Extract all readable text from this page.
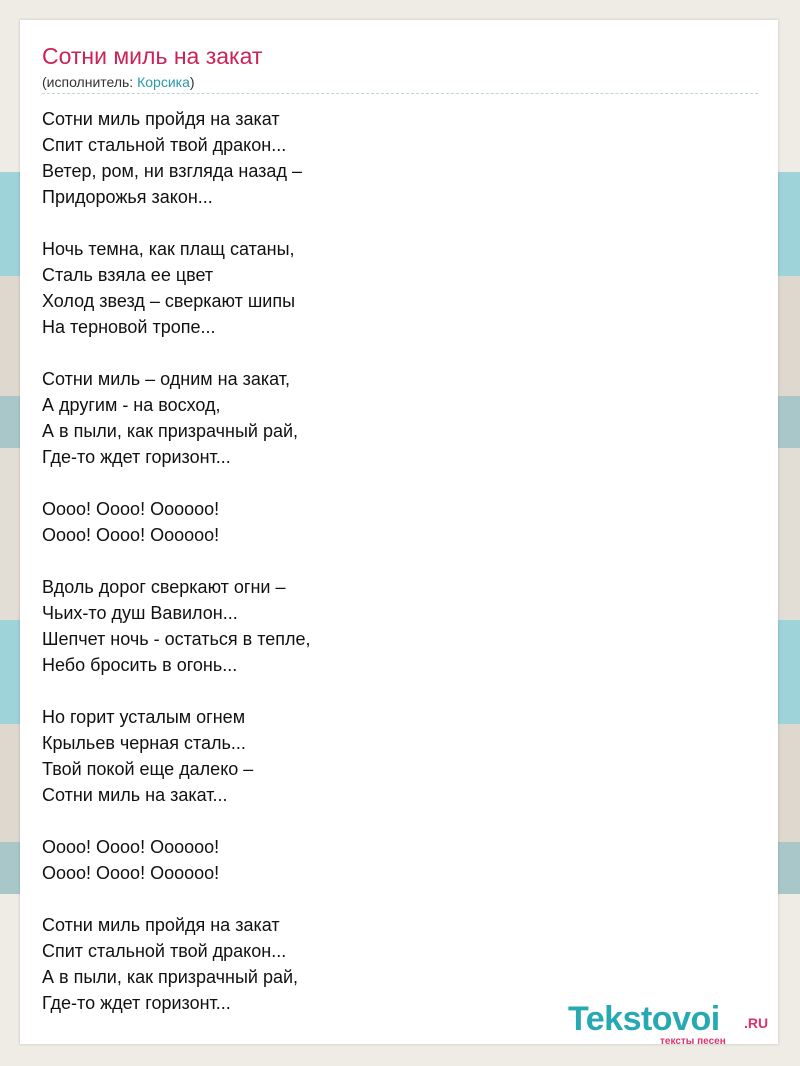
Сотни миль на закат
(исполнитель: Корсика)
Сотни миль пройдя на закат
Спит стальной твой дракон...
Ветер, ром, ни взгляда назад –
Придорожья закон...
Ночь темна, как плащ сатаны,
Сталь взяла ее цвет
Холод звезд – сверкают шипы
На терновой тропе...
Сотни миль – одним на закат,
А другим - на восход,
А в пыли, как призрачный рай,
Где-то ждет горизонт...
Оооо! Оооо! Оооооо!
Оооо! Оооо! Оооооо!
Вдоль дорог сверкают огни –
Чьих-то душ Вавилон...
Шепчет ночь - остаться в тепле,
Небо бросить в огонь...
Но горит усталым огнем
Крыльев черная сталь...
Твой покой еще далеко –
Сотни миль на закат...
Оооо! Оооо! Оооооо!
Оооо! Оооо! Оооооо!
Сотни миль пройдя на закат
Спит стальной твой дракон...
А в пыли, как призрачный рай,
Где-то ждет горизонт...	Tekstovoi .RU
тексты песен
